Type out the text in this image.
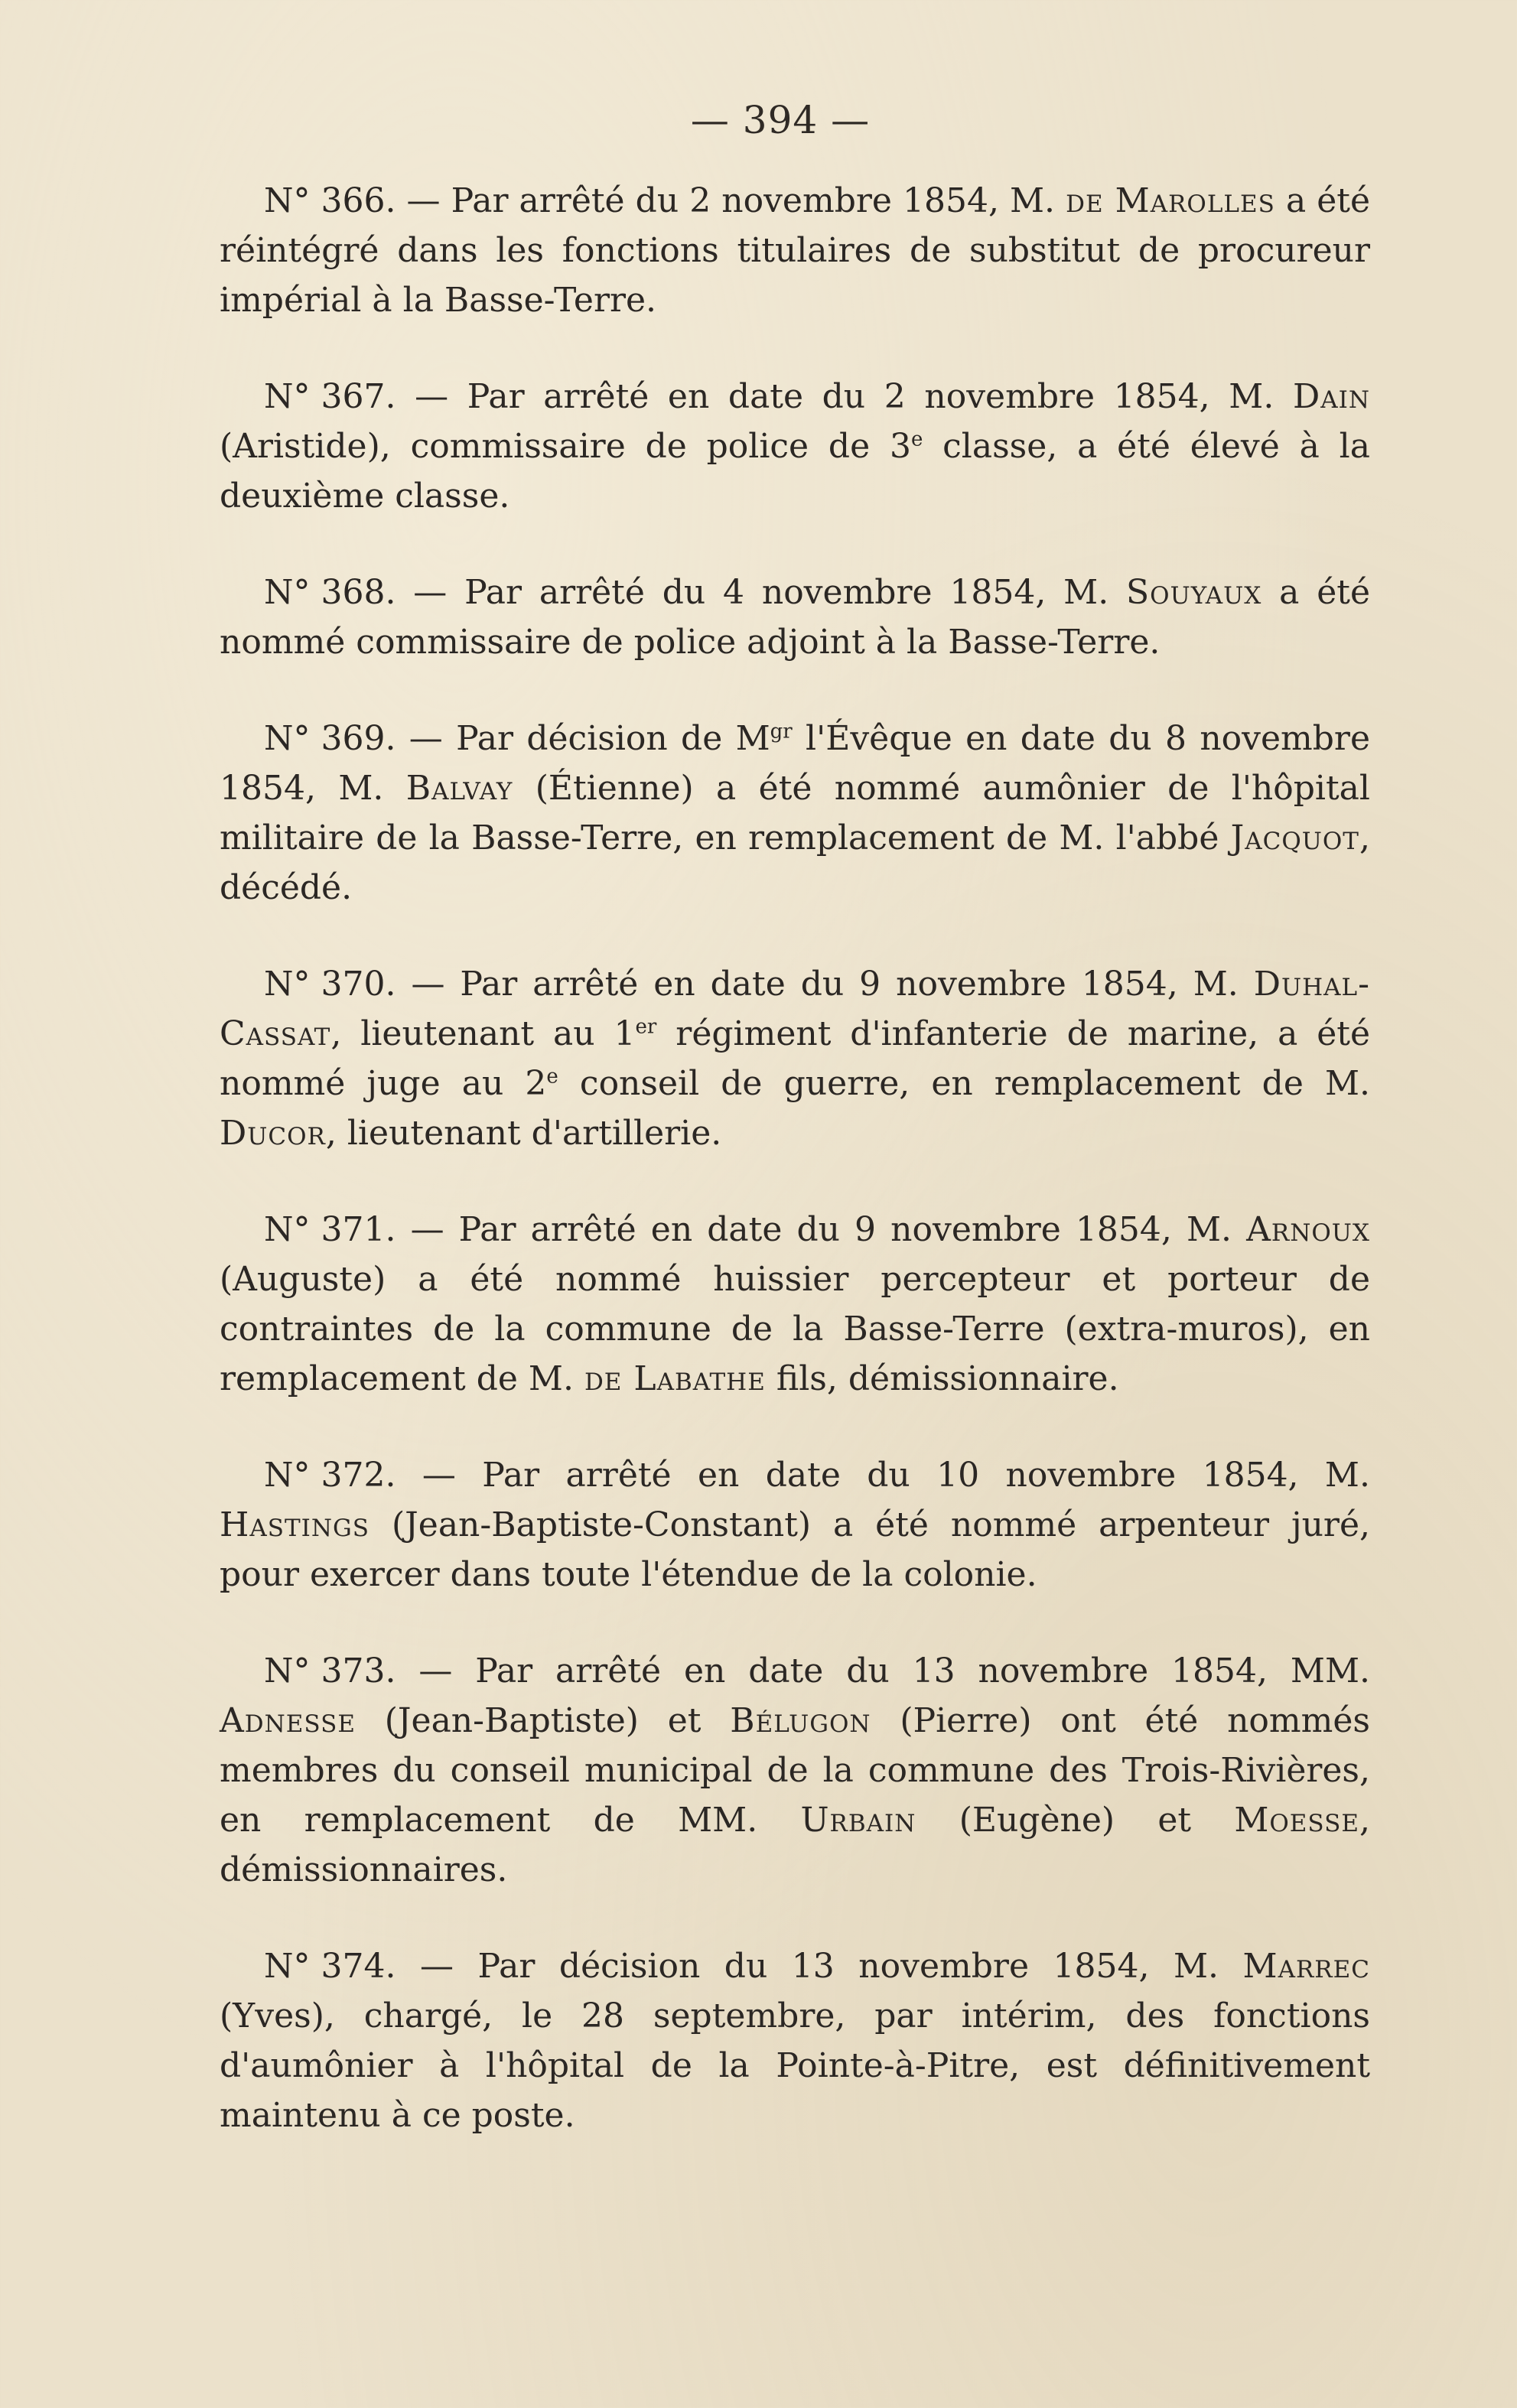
— 394 —

N° 366. — Par arrêté du 2 novembre 1854, M. de Marolles a été réintégré dans les fonctions titulaires de substitut de procureur impérial à la Basse-Terre.

N° 367. — Par arrêté en date du 2 novembre 1854, M. Dain (Aristide), commissaire de police de 3e classe, a été élevé à la deuxième classe.

N° 368. — Par arrêté du 4 novembre 1854, M. Souyaux a été nommé commissaire de police adjoint à la Basse-Terre.

N° 369. — Par décision de $M^{gr}$ l'Évêque en date du 8 novembre 1854, M. Balvay (Étienne) a été nommé aumônier de l'hôpital militaire de la Basse-Terre, en remplacement de M. l'abbé Jacquot, décédé.

N° 370. — Par arrêté en date du 9 novembre 1854, M. Duhal-Cassat, lieutenant au 1er régiment d'infanterie de marine, a été nommé juge au 2e conseil de guerre, en remplacement de M. Ducor, lieutenant d'artillerie.

N° 371. — Par arrêté en date du 9 novembre 1854, M. Arnoux (Auguste) a été nommé huissier percepteur et porteur de contraintes de la commune de la Basse-Terre (extra-muros), en remplacement de M. de Labathe fils, démissionnaire.

N° 372. — Par arrêté en date du 10 novembre 1854, M. Hastings (Jean-Baptiste-Constant) a été nommé arpenteur juré, pour exercer dans toute l'étendue de la colonie.

N° 373. — Par arrêté en date du 13 novembre 1854, MM. Adnesse (Jean-Baptiste) et Bélugon (Pierre) ont été nommés membres du conseil municipal de la commune des Trois-Rivières, en remplacement de MM. Urbain (Eugène) et Moesse, démissionnaires.

N° 374. — Par décision du 13 novembre 1854, M. Marrec (Yves), chargé, le 28 septembre, par intérim, des fonctions d'aumônier à l'hôpital de la Pointe-à-Pitre, est définitivement maintenu à ce poste.
